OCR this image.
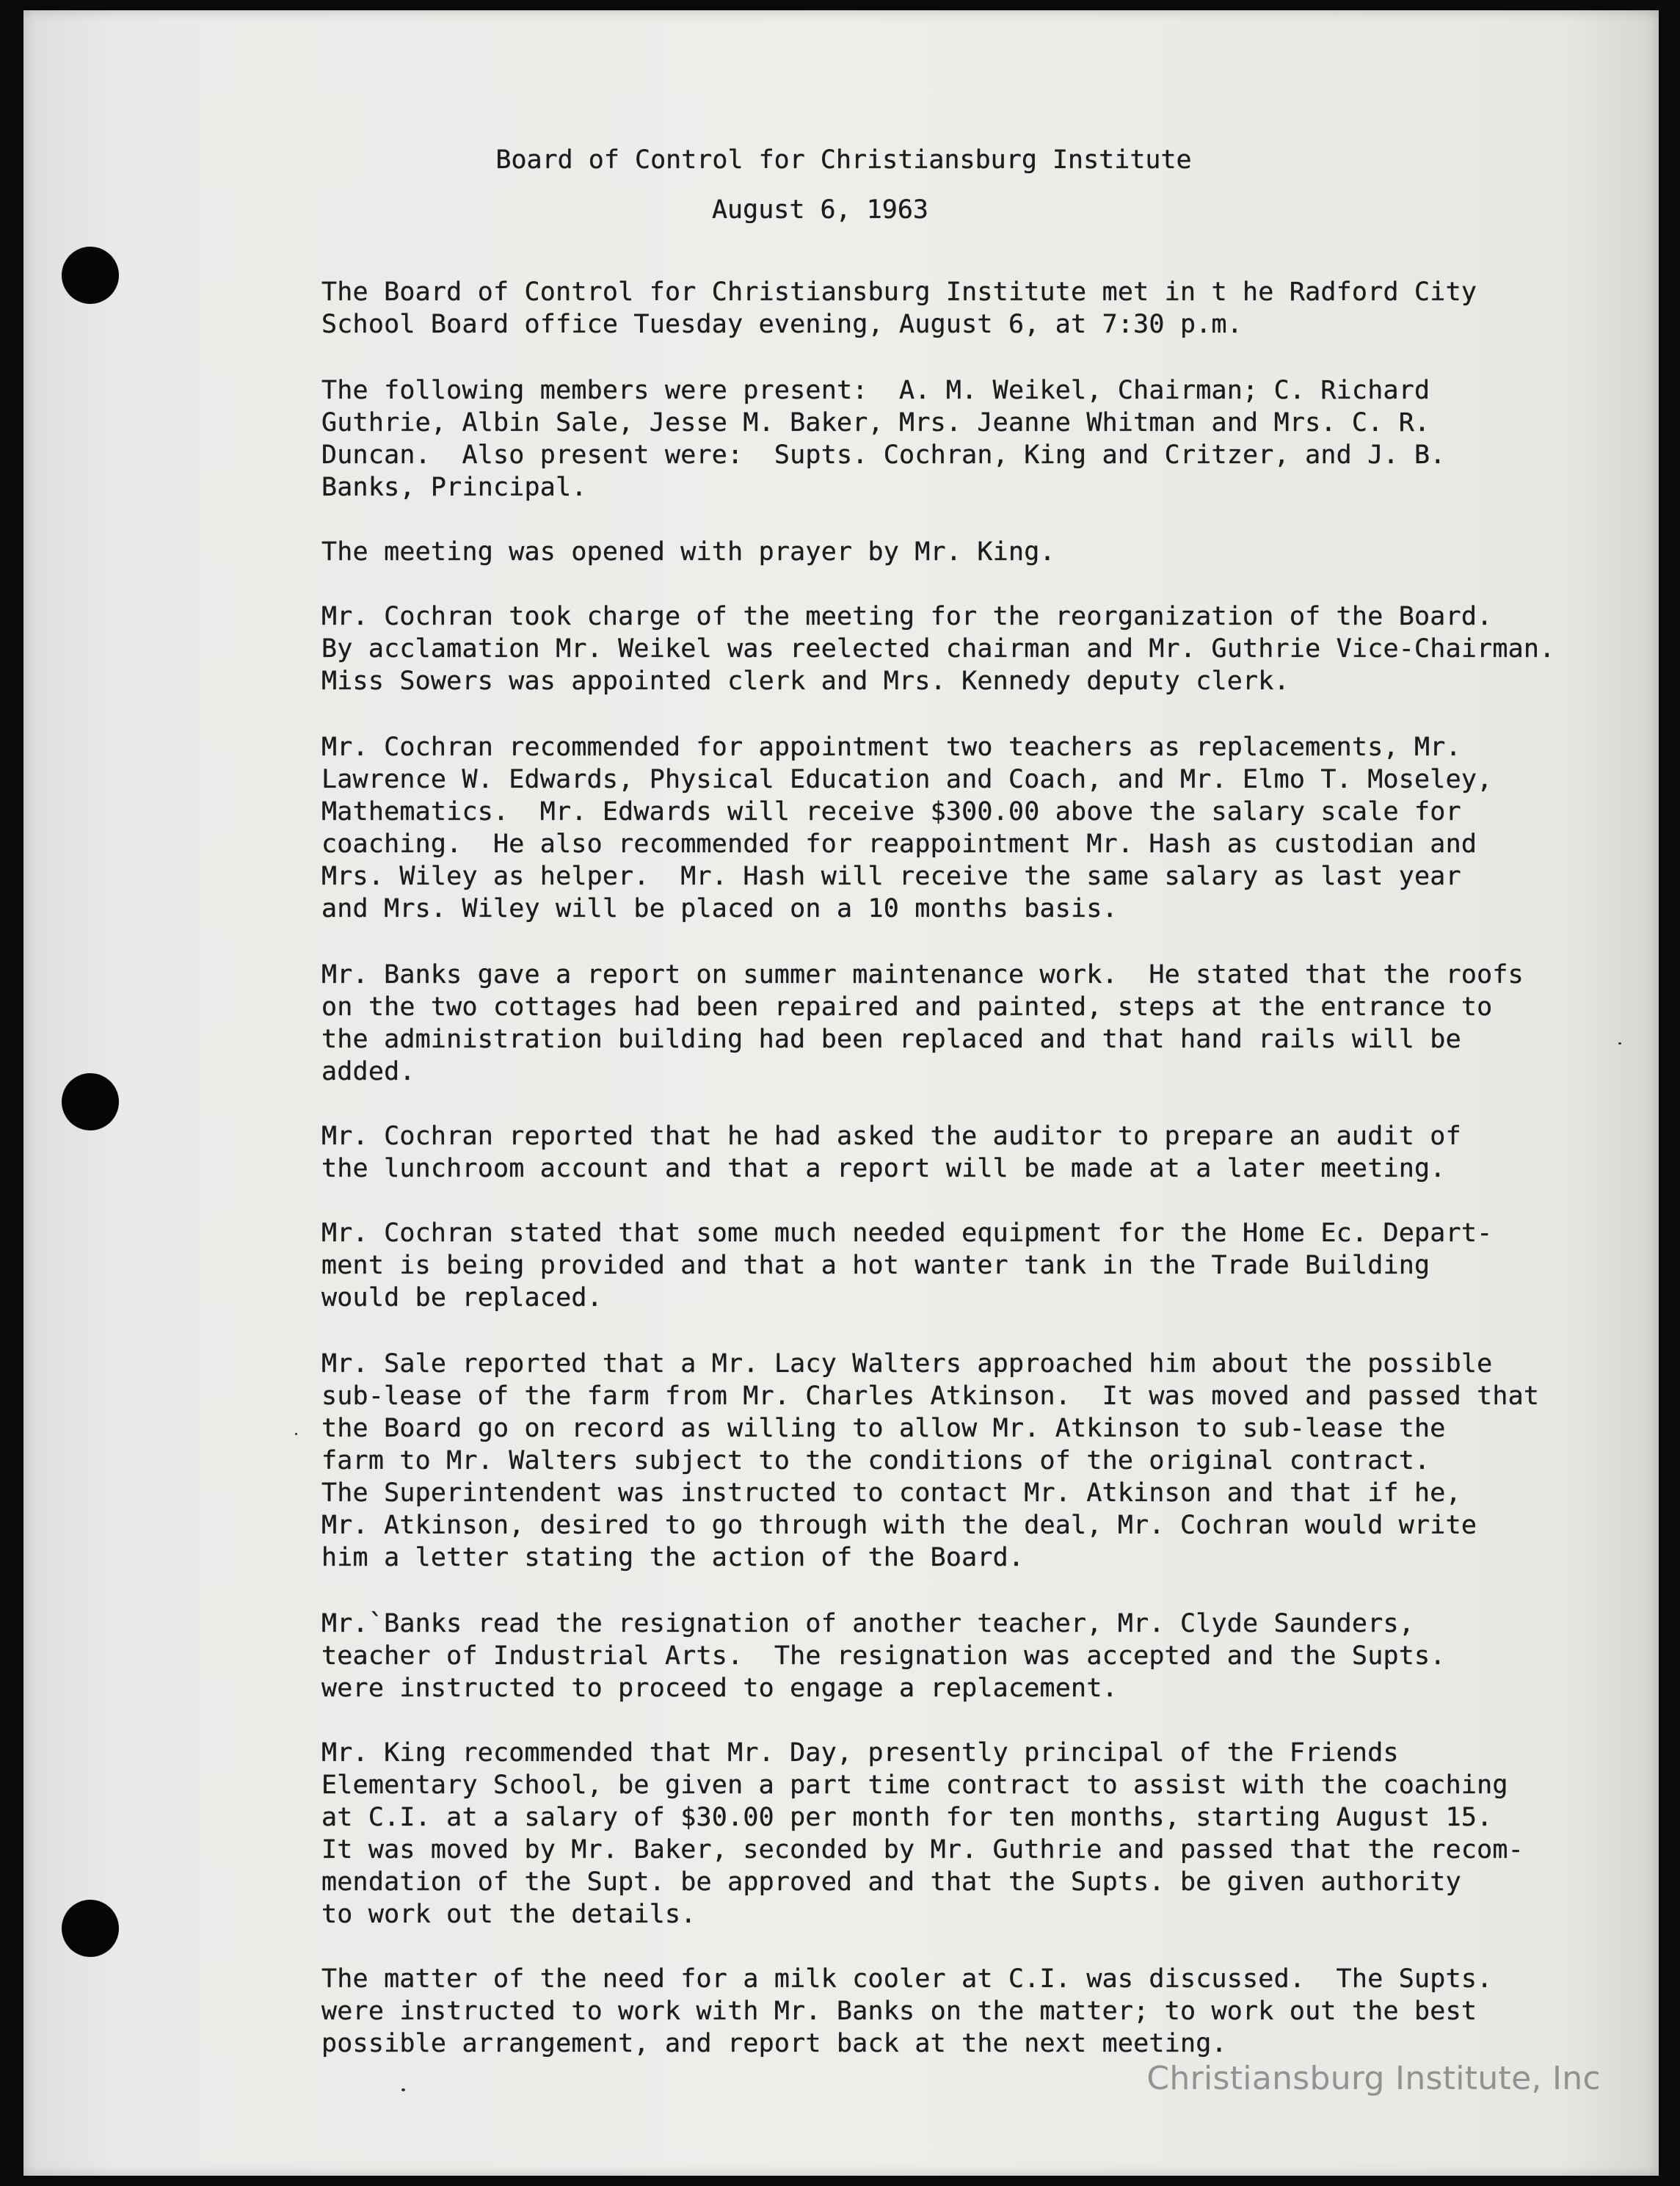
Board of Control for Christiansburg Institute
August 6, 1963
The Board of Control for Christiansburg Institute met in t he Radford City
School Board office Tuesday evening, August 6, at 7:30 p.m.
The following members were present:  A. M. Weikel, Chairman; C. Richard
Guthrie, Albin Sale, Jesse M. Baker, Mrs. Jeanne Whitman and Mrs. C. R.
Duncan.  Also present were:  Supts. Cochran, King and Critzer, and J. B.
Banks, Principal.
The meeting was opened with prayer by Mr. King.
Mr. Cochran took charge of the meeting for the reorganization of the Board.
By acclamation Mr. Weikel was reelected chairman and Mr. Guthrie Vice-Chairman.
Miss Sowers was appointed clerk and Mrs. Kennedy deputy clerk.
Mr. Cochran recommended for appointment two teachers as replacements, Mr.
Lawrence W. Edwards, Physical Education and Coach, and Mr. Elmo T. Moseley,
Mathematics.  Mr. Edwards will receive $300.00 above the salary scale for
coaching.  He also recommended for reappointment Mr. Hash as custodian and
Mrs. Wiley as helper.  Mr. Hash will receive the same salary as last year
and Mrs. Wiley will be placed on a 10 months basis.
Mr. Banks gave a report on summer maintenance work.  He stated that the roofs
on the two cottages had been repaired and painted, steps at the entrance to
the administration building had been replaced and that hand rails will be
added.
Mr. Cochran reported that he had asked the auditor to prepare an audit of
the lunchroom account and that a report will be made at a later meeting.
Mr. Cochran stated that some much needed equipment for the Home Ec. Depart-
ment is being provided and that a hot wanter tank in the Trade Building
would be replaced.
Mr. Sale reported that a Mr. Lacy Walters approached him about the possible
sub-lease of the farm from Mr. Charles Atkinson.  It was moved and passed that
the Board go on record as willing to allow Mr. Atkinson to sub-lease the
farm to Mr. Walters subject to the conditions of the original contract.
The Superintendent was instructed to contact Mr. Atkinson and that if he,
Mr. Atkinson, desired to go through with the deal, Mr. Cochran would write
him a letter stating the action of the Board.
Mr.`Banks read the resignation of another teacher, Mr. Clyde Saunders,
teacher of Industrial Arts.  The resignation was accepted and the Supts.
were instructed to proceed to engage a replacement.
Mr. King recommended that Mr. Day, presently principal of the Friends
Elementary School, be given a part time contract to assist with the coaching
at C.I. at a salary of $30.00 per month for ten months, starting August 15.
It was moved by Mr. Baker, seconded by Mr. Guthrie and passed that the recom-
mendation of the Supt. be approved and that the Supts. be given authority
to work out the details.
The matter of the need for a milk cooler at C.I. was discussed.  The Supts.
were instructed to work with Mr. Banks on the matter; to work out the best
possible arrangement, and report back at the next meeting.
Christiansburg Institute, Inc
